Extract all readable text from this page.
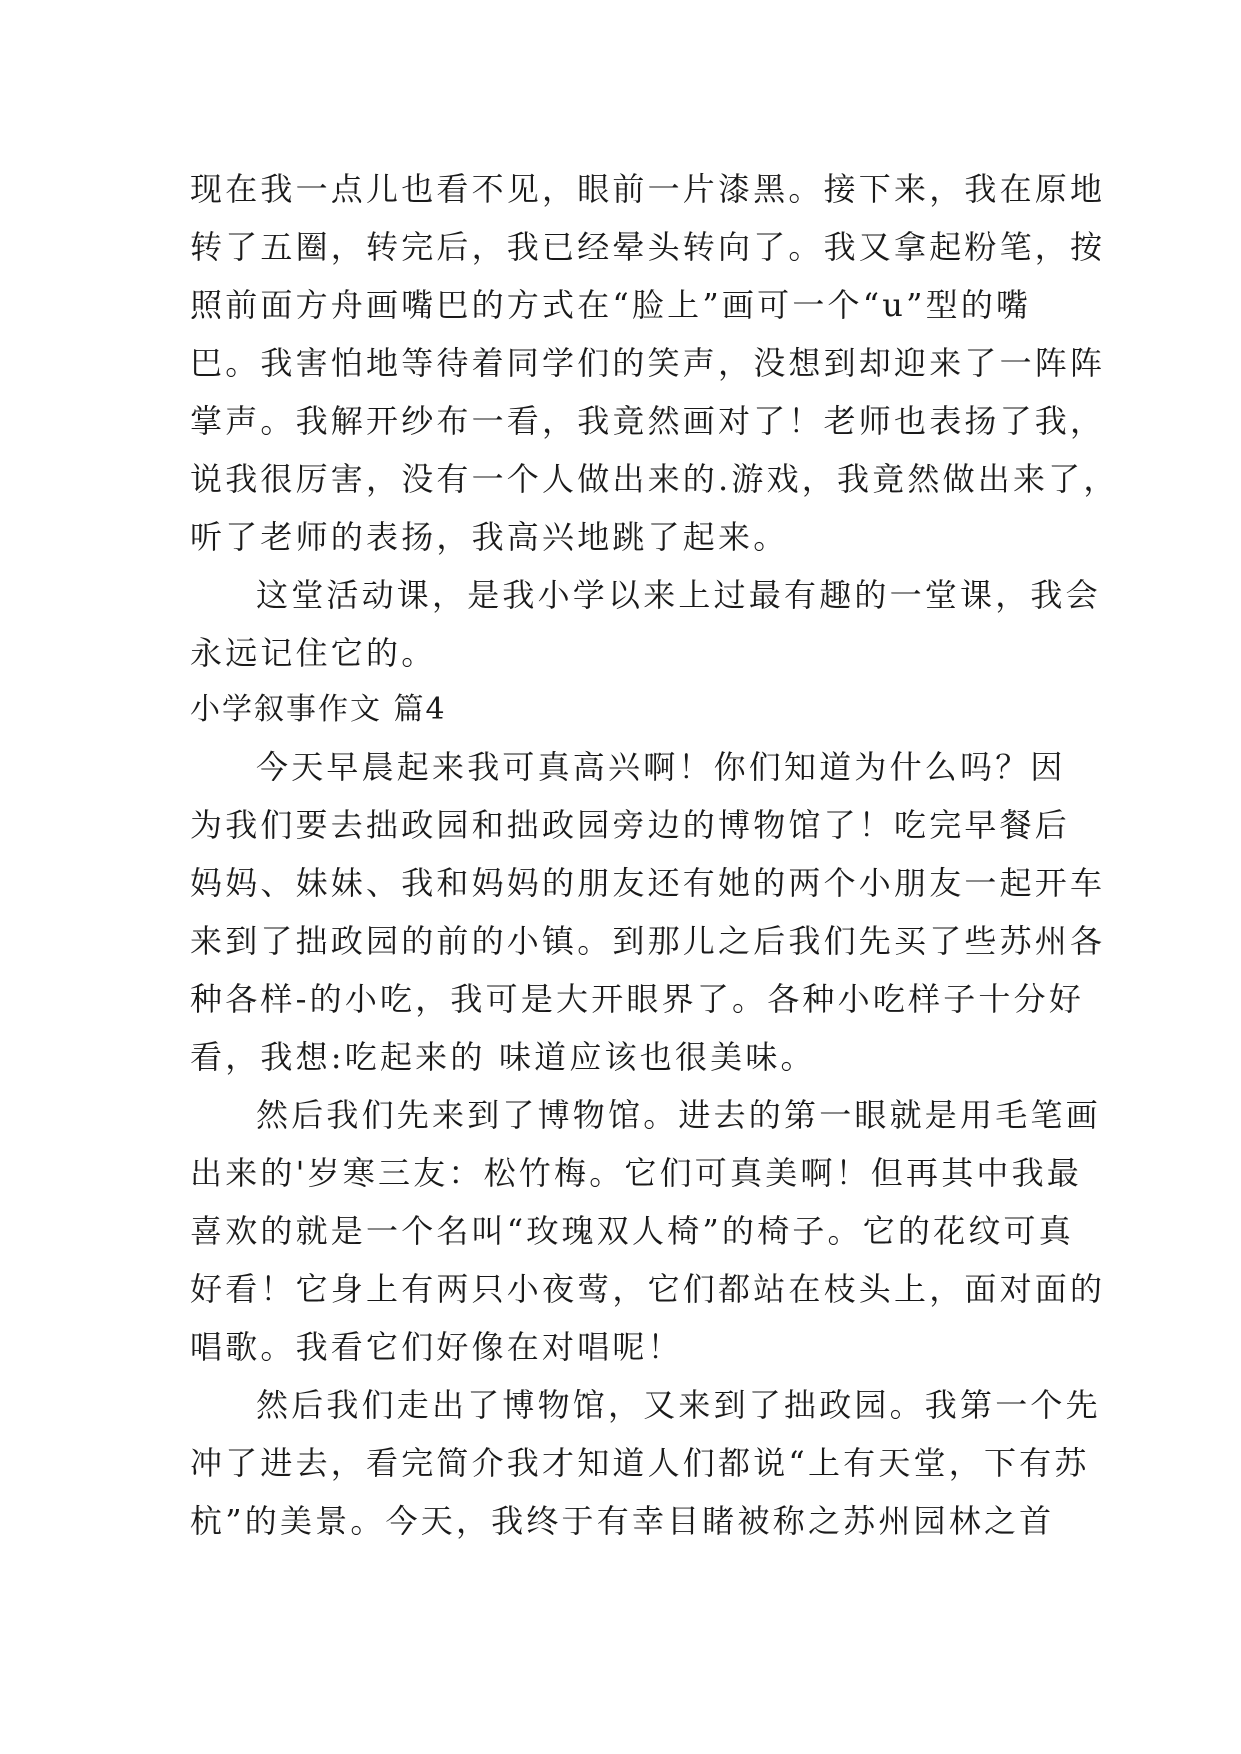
现在我一点儿也看不见，眼前一片漆黑。接下来，我在原地
转了五圈，转完后，我已经晕头转向了。我又拿起粉笔，按
照前面方舟画嘴巴的方式在“脸上”画可一个“u”型的嘴
巴。我害怕地等待着同学们的笑声，没想到却迎来了一阵阵
掌声。我解开纱布一看，我竟然画对了！老师也表扬了我，
说我很厉害，没有一个人做出来的.游戏，我竟然做出来了，
听了老师的表扬，我高兴地跳了起来。
这堂活动课，是我小学以来上过最有趣的一堂课，我会
永远记住它的。
小学叙事作文 篇4
今天早晨起来我可真高兴啊！你们知道为什么吗？因
为我们要去拙政园和拙政园旁边的博物馆了！吃完早餐后
妈妈、妹妹、我和妈妈的朋友还有她的两个小朋友一起开车
来到了拙政园的前的小镇。到那儿之后我们先买了些苏州各
种各样-的小吃，我可是大开眼界了。各种小吃样子十分好
看，我想:吃起来的 味道应该也很美味。
然后我们先来到了博物馆。进去的第一眼就是用毛笔画
出来的'岁寒三友：松竹梅。它们可真美啊！但再其中我最
喜欢的就是一个名叫“玫瑰双人椅”的椅子。它的花纹可真
好看！它身上有两只小夜莺，它们都站在枝头上，面对面的
唱歌。我看它们好像在对唱呢！
然后我们走出了博物馆，又来到了拙政园。我第一个先
冲了进去，看完简介我才知道人们都说“上有天堂，下有苏
杭”的美景。今天，我终于有幸目睹被称之苏州园林之首
